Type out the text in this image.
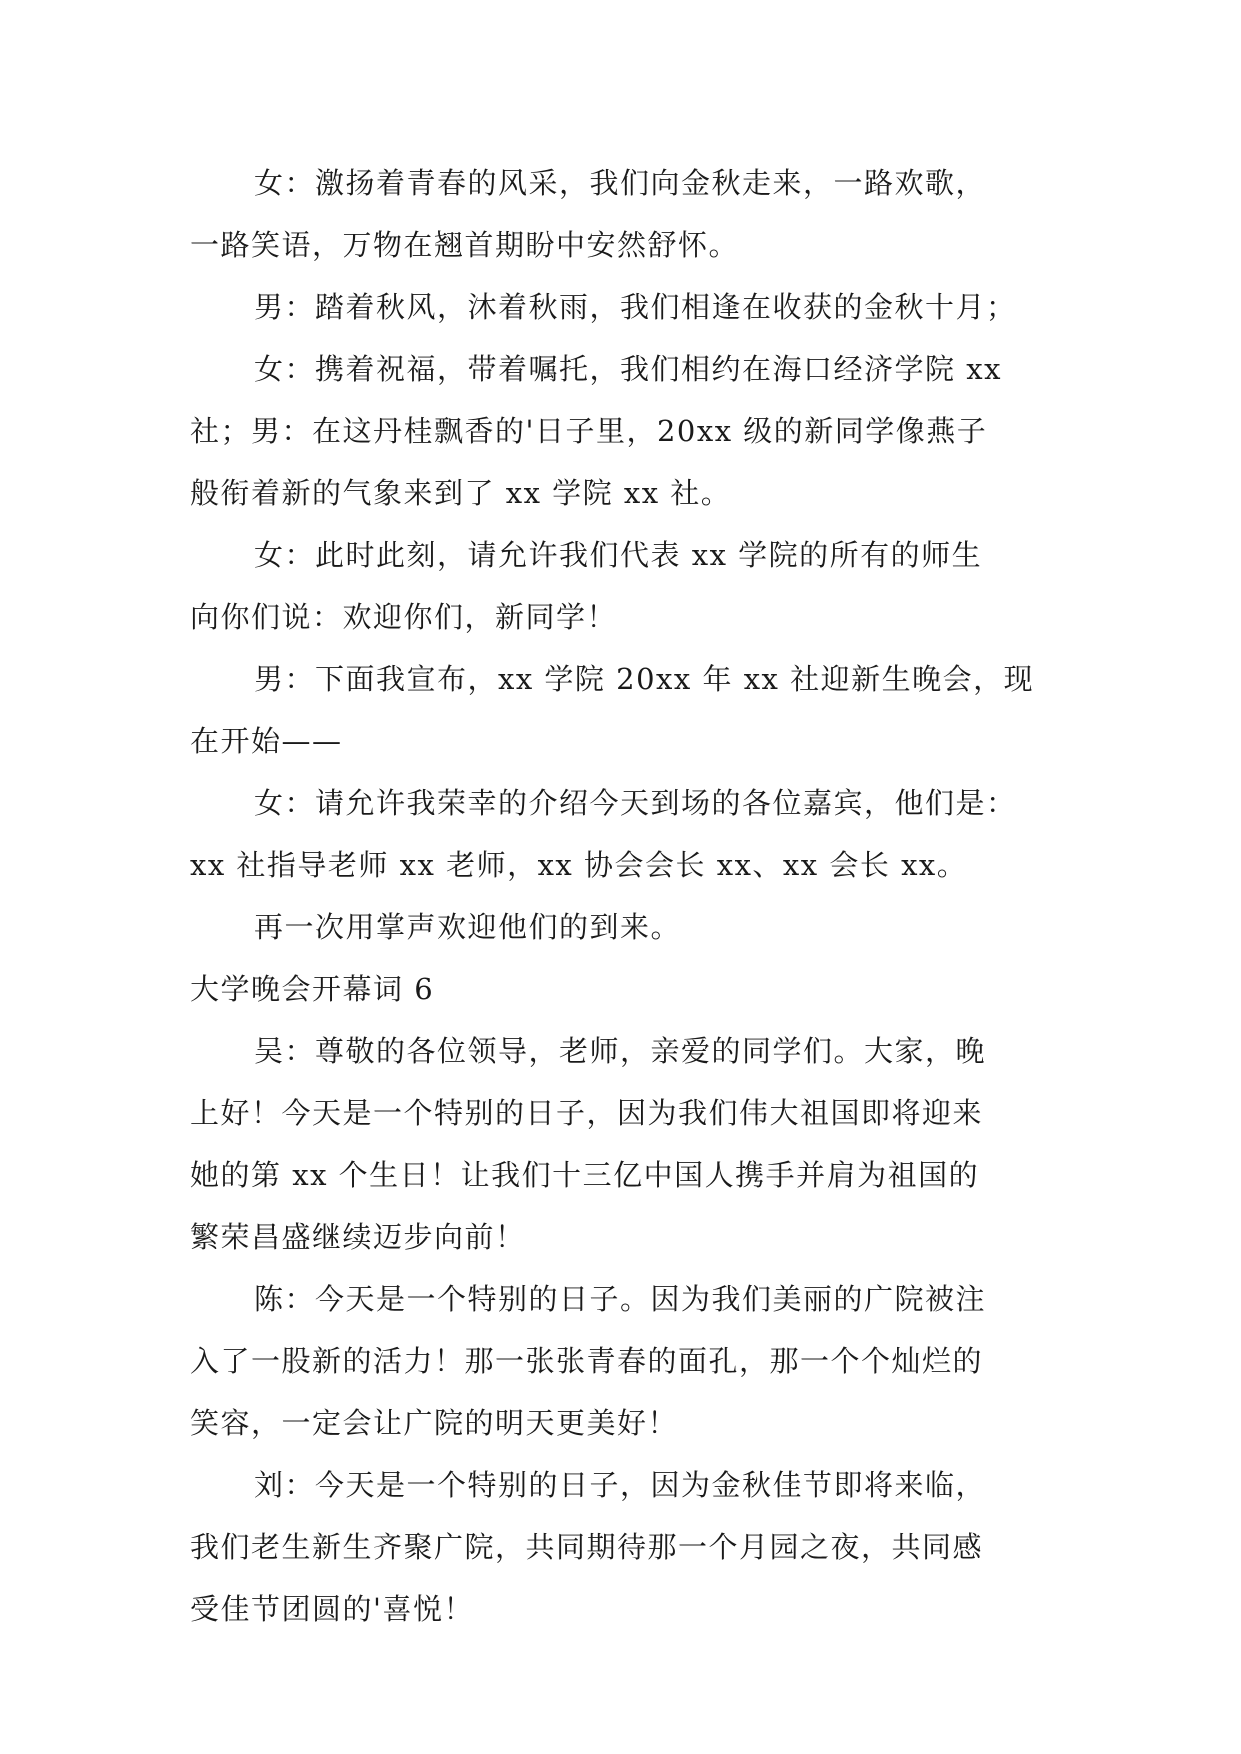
女：激扬着青春的风采，我们向金秋走来，一路欢歌，
一路笑语，万物在翘首期盼中安然舒怀。
男：踏着秋风，沐着秋雨，我们相逢在收获的金秋十月；
女：携着祝福，带着嘱托，我们相约在海口经济学院 xx
社；男：在这丹桂飘香的'日子里，20xx 级的新同学像燕子
般衔着新的气象来到了 xx 学院 xx 社。
女：此时此刻，请允许我们代表 xx 学院的所有的师生
向你们说：欢迎你们，新同学！
男：下面我宣布，xx 学院 20xx 年 xx 社迎新生晚会，现
在开始——
女：请允许我荣幸的介绍今天到场的各位嘉宾，他们是：
xx 社指导老师 xx 老师，xx 协会会长 xx、xx 会长 xx。
再一次用掌声欢迎他们的到来。
大学晚会开幕词 6
吴：尊敬的各位领导，老师，亲爱的同学们。大家，晚
上好！今天是一个特别的日子，因为我们伟大祖国即将迎来
她的第 xx 个生日！让我们十三亿中国人携手并肩为祖国的
繁荣昌盛继续迈步向前！
陈：今天是一个特别的日子。因为我们美丽的广院被注
入了一股新的活力！那一张张青春的面孔，那一个个灿烂的
笑容，一定会让广院的明天更美好！
刘：今天是一个特别的日子，因为金秋佳节即将来临，
我们老生新生齐聚广院，共同期待那一个月园之夜，共同感
受佳节团圆的'喜悦！
